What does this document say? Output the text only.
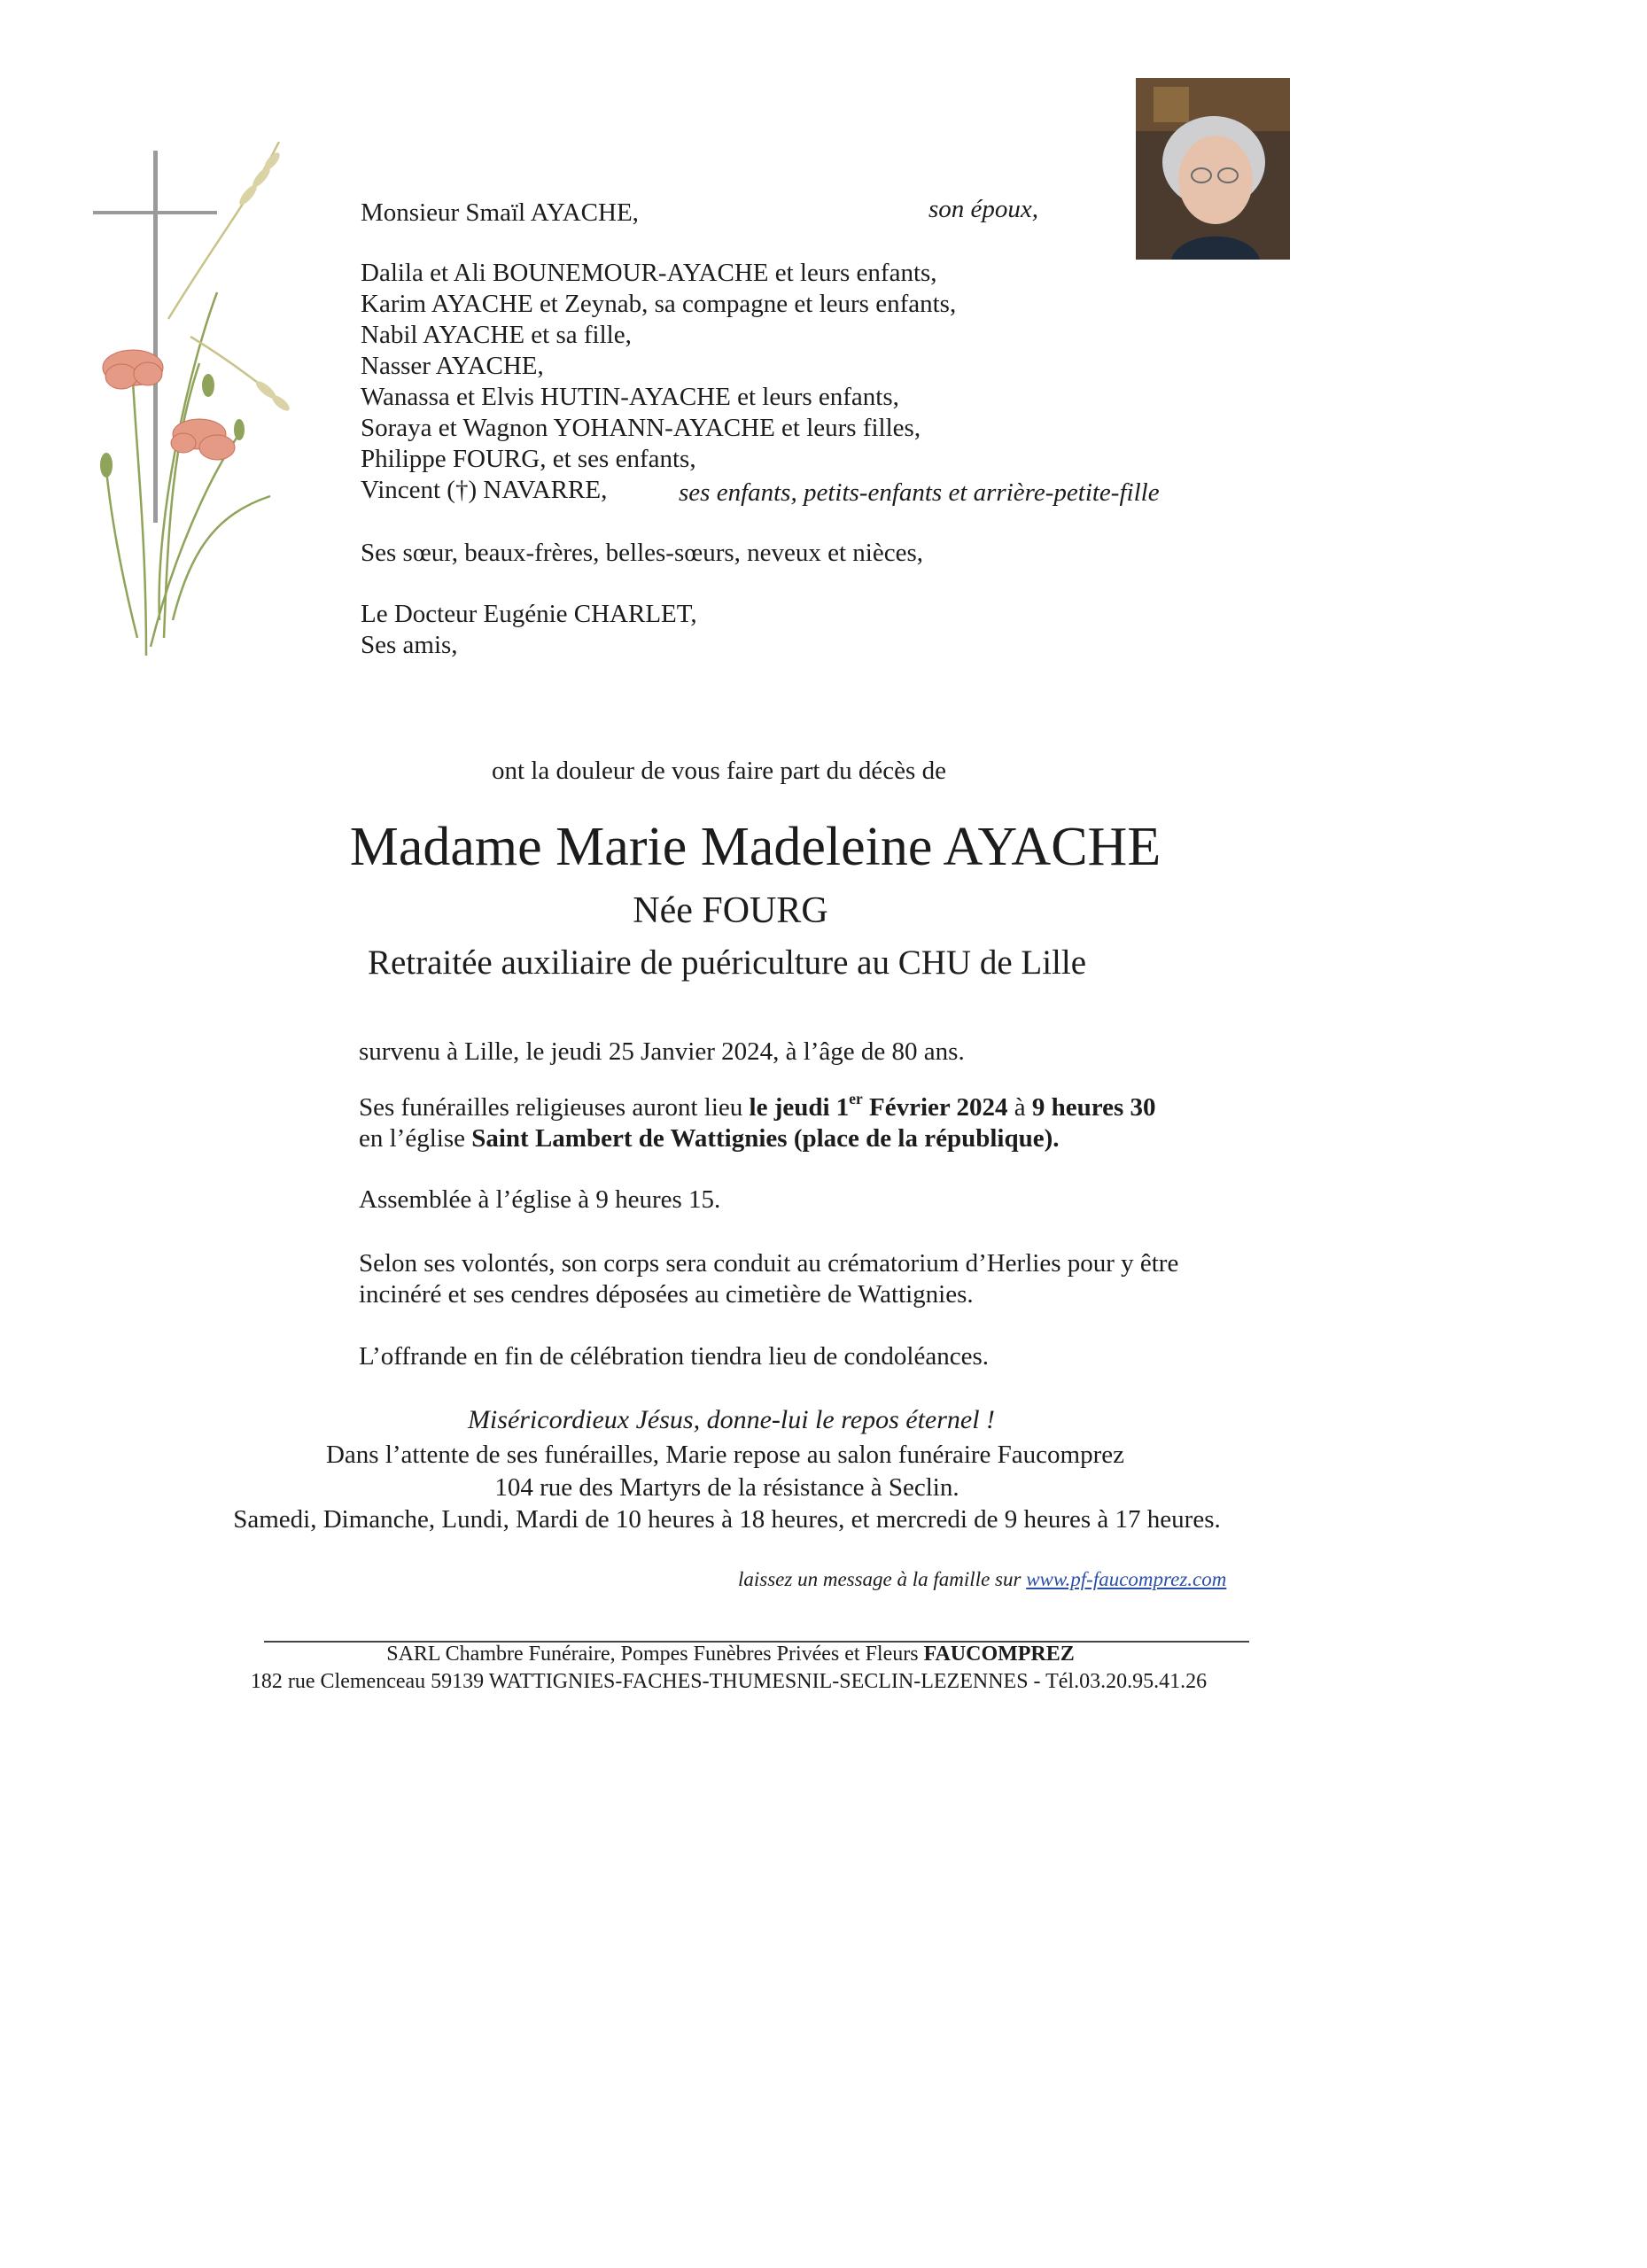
Monsieur Smaïl AYACHE,	son époux,
Dalila et Ali BOUNEMOUR-AYACHE et leurs enfants,
Karim AYACHE et Zeynab, sa compagne et leurs enfants,
Nabil AYACHE et sa fille,
Nasser AYACHE,
Wanassa et Elvis HUTIN-AYACHE et leurs enfants,
Soraya et Wagnon YOHANN-AYACHE et leurs filles,
Philippe FOURG, et ses enfants,
Vincent (†) NAVARRE,	ses enfants, petits-enfants et arrière-petite-fille
Ses sœur, beaux-frères, belles-sœurs, neveux et nièces,
Le Docteur Eugénie CHARLET,
Ses amis,
ont la douleur de vous faire part du décès de
Madame Marie Madeleine AYACHE
Née FOURG
Retraitée auxiliaire de puériculture au CHU de Lille
survenu à Lille, le jeudi 25 Janvier 2024, à l’âge de 80 ans.
Ses funérailles religieuses auront lieu le jeudi 1er Février 2024 à 9 heures 30
en l’église Saint Lambert de Wattignies (place de la république).
Assemblée à l’église à 9 heures 15.
Selon ses volontés, son corps sera conduit au crématorium d’Herlies pour y être
incinéré et ses cendres déposées au cimetière de Wattignies.
L’offrande en fin de célébration tiendra lieu de condoléances.
Miséricordieux Jésus, donne-lui le repos éternel !
Dans l’attente de ses funérailles, Marie repose au salon funéraire Faucomprez
104 rue des Martyrs de la résistance à Seclin.
Samedi, Dimanche, Lundi, Mardi de 10 heures à 18 heures, et mercredi de 9 heures à 17 heures.
laissez un message à la famille sur www.pf-faucomprez.com
SARL Chambre Funéraire, Pompes Funèbres Privées et Fleurs FAUCOMPREZ
182 rue Clemenceau 59139 WATTIGNIES-FACHES-THUMESNIL-SECLIN-LEZENNES - Tél.03.20.95.41.26
